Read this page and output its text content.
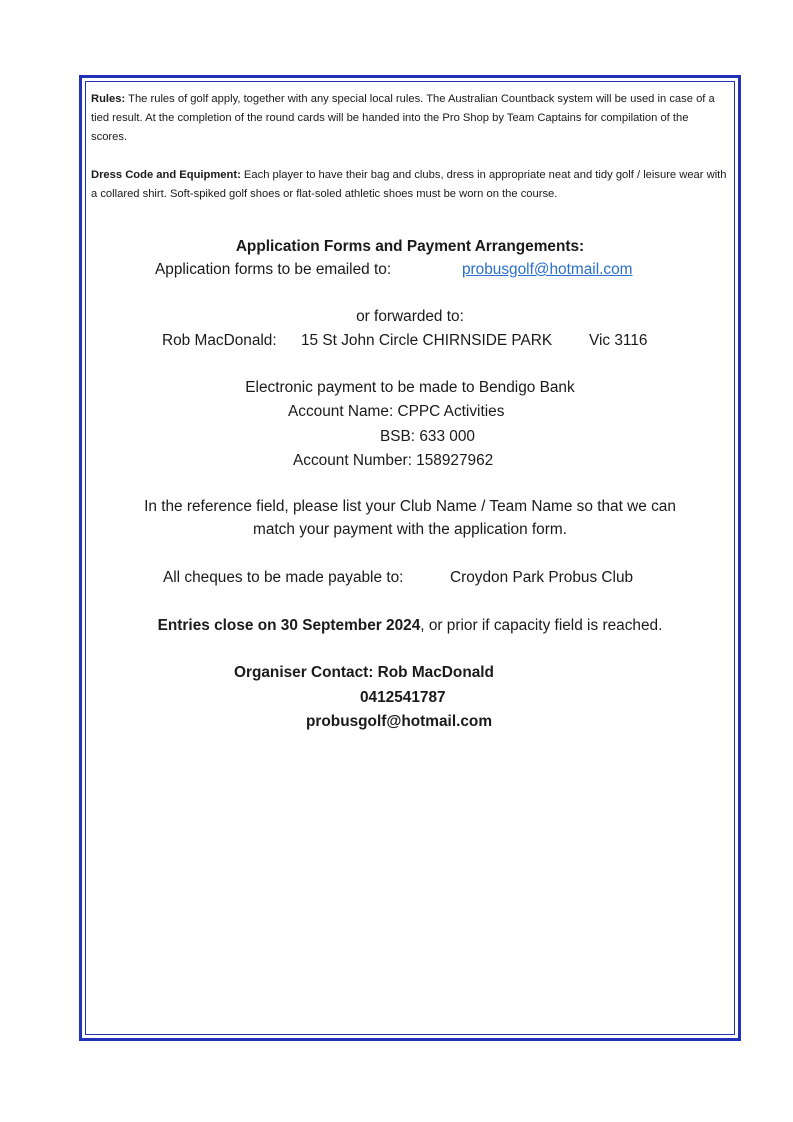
Rules: The rules of golf apply, together with any special local rules. The Australian Countback system will be used in case of a tied result. At the completion of the round cards will be handed into the Pro Shop by Team Captains for compilation of the scores.

Dress Code and Equipment: Each player to have their bag and clubs, dress in appropriate neat and tidy golf / leisure wear with a collared shirt. Soft-spiked golf shoes or flat-soled athletic shoes must be worn on the course.

Application Forms and Payment Arrangements:
Application forms to be emailed to:	probusgolf@hotmail.com
or forwarded to:
Rob MacDonald: 15 St John Circle CHIRNSIDE PARK Vic 3116
Electronic payment to be made to Bendigo Bank
Account Name: CPPC Activities
BSB: 633 000
Account Number: 158927962
In the reference field, please list your Club Name / Team Name so that we can
match your payment with the application form.
All cheques to be made payable to:	Croydon Park Probus Club
Entries close on 30 September 2024, or prior if capacity field is reached.
Organiser Contact: Rob MacDonald
0412541787
probusgolf@hotmail.com
